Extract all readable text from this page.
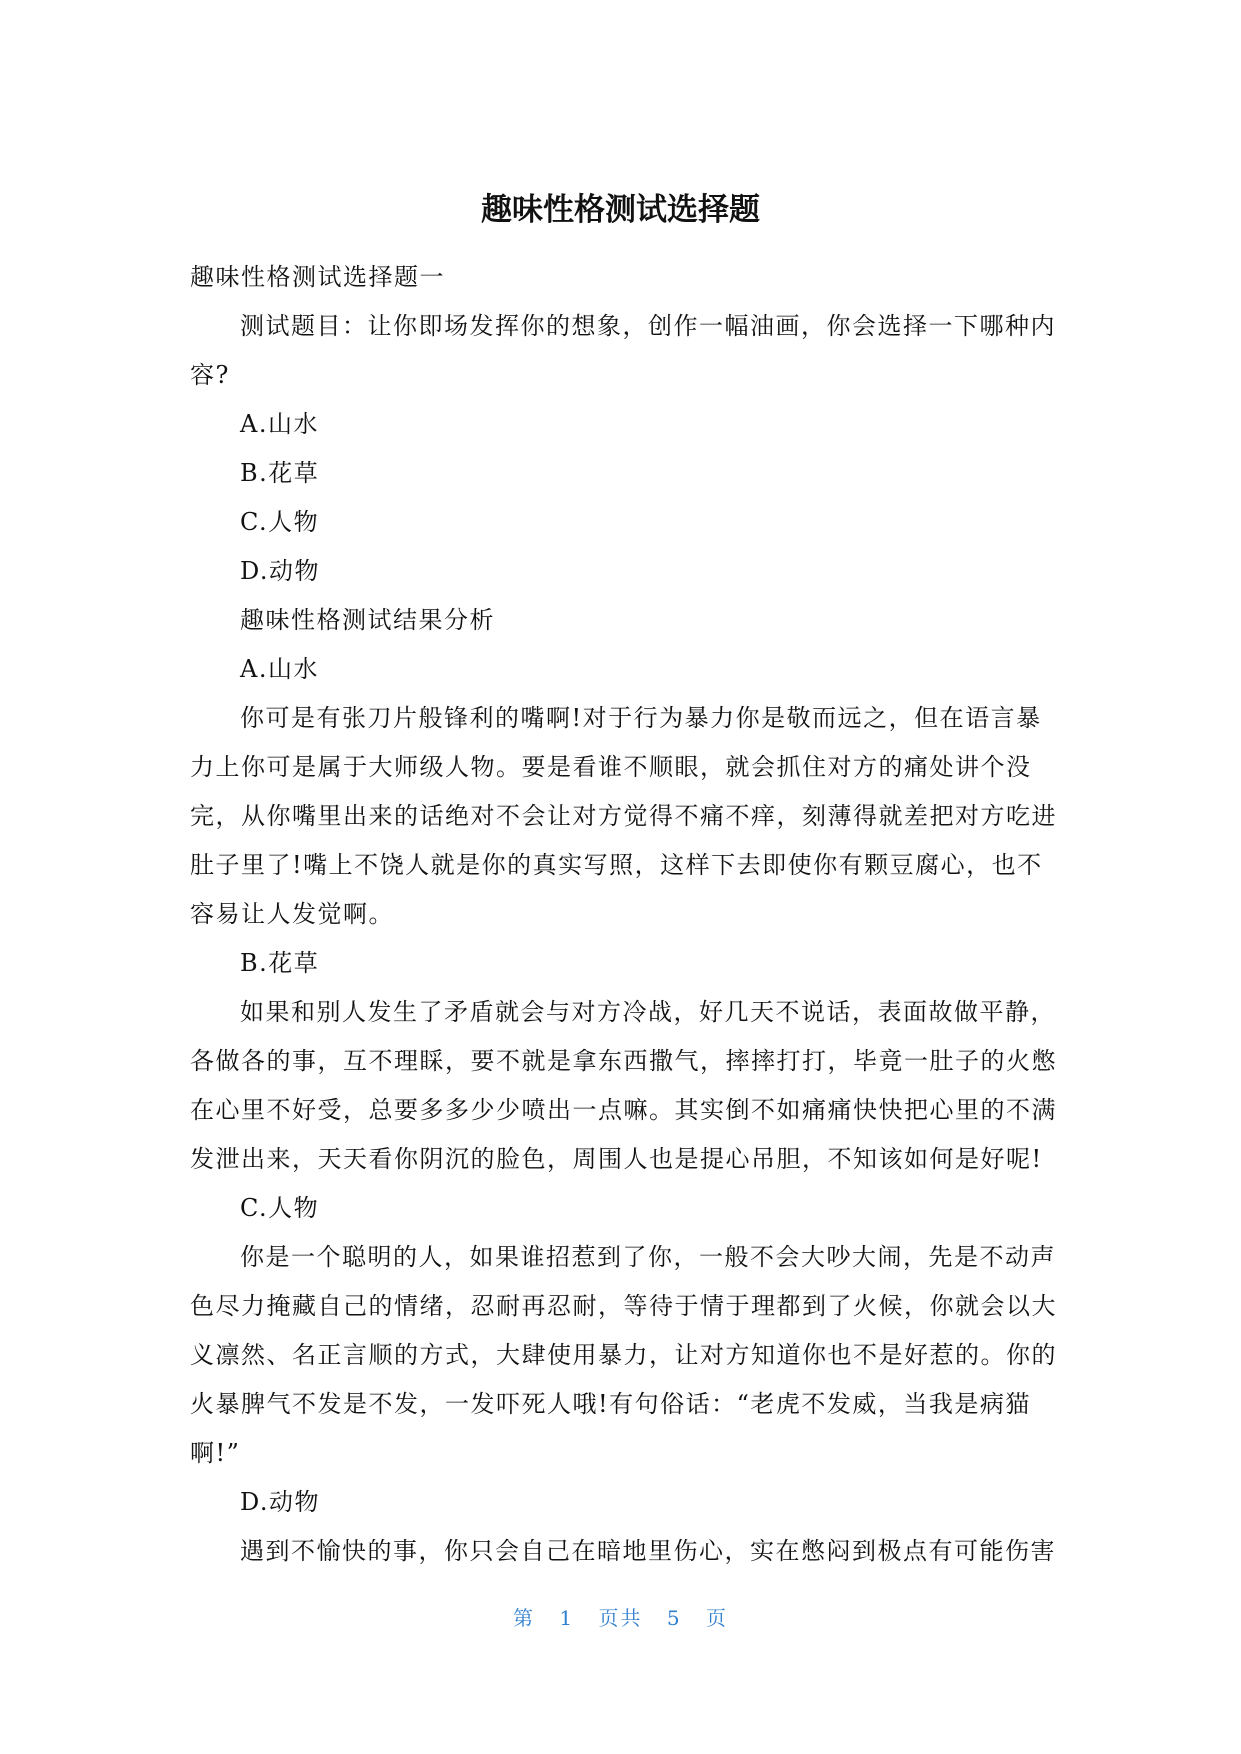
趣味性格测试选择题

趣味性格测试选择题一

测试题目：让你即场发挥你的想象，创作一幅油画，你会选择一下哪种内容?

A.山水

B.花草

C.人物

D.动物

趣味性格测试结果分析

A.山水

你可是有张刀片般锋利的嘴啊!对于行为暴力你是敬而远之，但在语言暴力上你可是属于大师级人物。要是看谁不顺眼，就会抓住对方的痛处讲个没完，从你嘴里出来的话绝对不会让对方觉得不痛不痒，刻薄得就差把对方吃进肚子里了!嘴上不饶人就是你的真实写照，这样下去即使你有颗豆腐心，也不容易让人发觉啊。

B.花草

如果和别人发生了矛盾就会与对方冷战，好几天不说话，表面故做平静，各做各的事，互不理睬，要不就是拿东西撒气，摔摔打打，毕竟一肚子的火憋在心里不好受，总要多多少少喷出一点嘛。其实倒不如痛痛快快把心里的不满发泄出来，天天看你阴沉的脸色，周围人也是提心吊胆，不知该如何是好呢!

C.人物

你是一个聪明的人，如果谁招惹到了你，一般不会大吵大闹，先是不动声色尽力掩藏自己的情绪，忍耐再忍耐，等待于情于理都到了火候，你就会以大义凛然、名正言顺的方式，大肆使用暴力，让对方知道你也不是好惹的。你的火暴脾气不发是不发，一发吓死人哦!有句俗话：“老虎不发威，当我是病猫啊!”

D.动物

遇到不愉快的事，你只会自己在暗地里伤心，实在憋闷到极点有可能伤害

第 1 页共 5 页
